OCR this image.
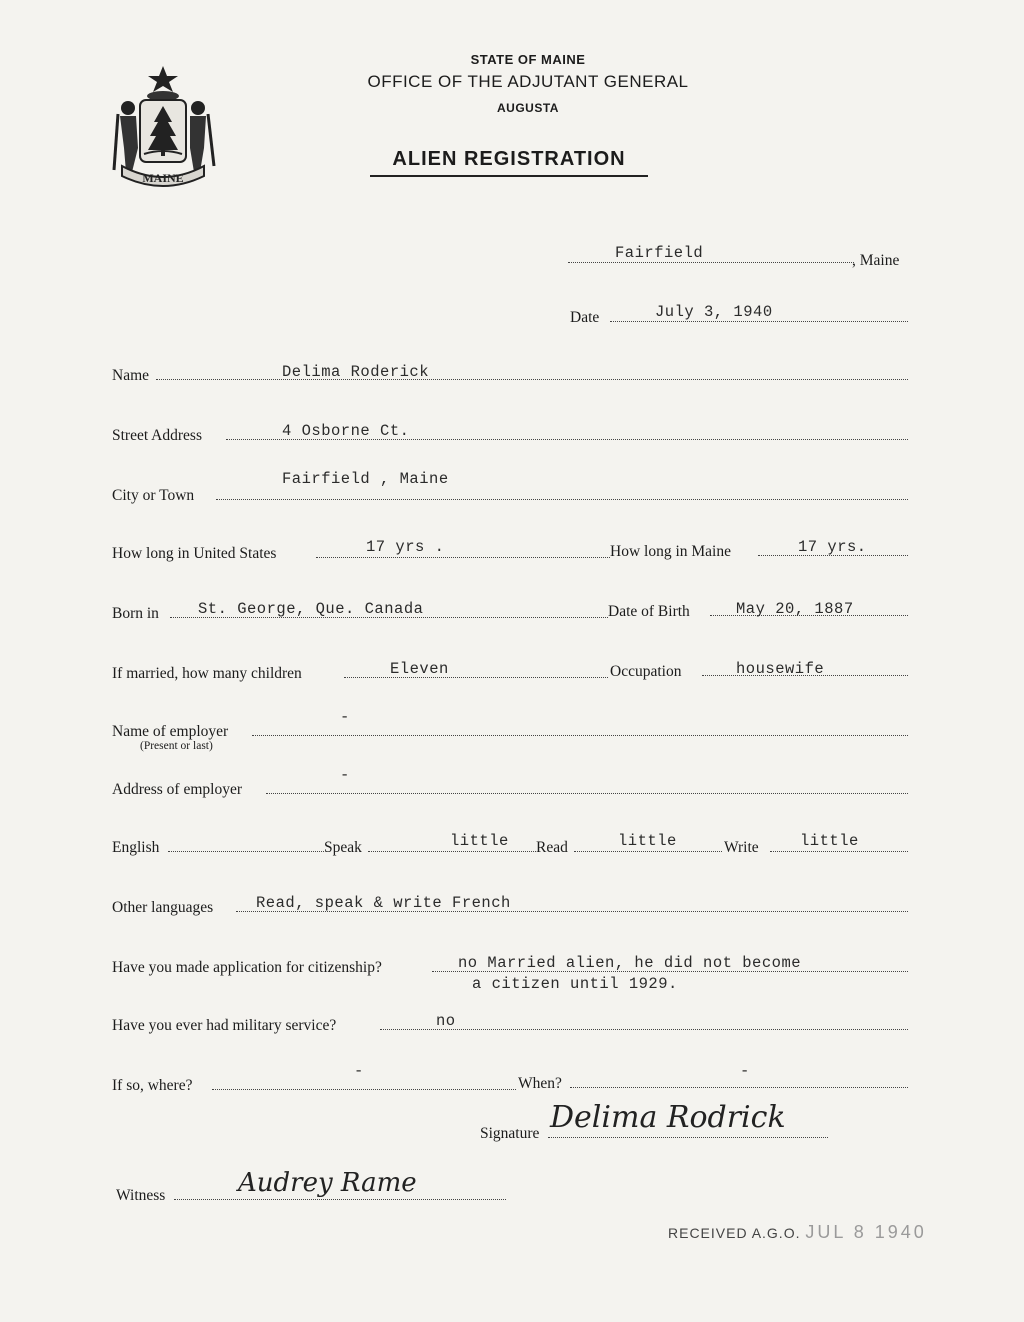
MAINE
STATE OF MAINE
OFFICE OF THE ADJUTANT GENERAL
AUGUSTA
ALIEN REGISTRATION
Fairfield	, Maine
Date	July 3, 1940
Name	Delima Roderick
Street Address	4 Osborne Ct.
City or Town
Fairfield , Maine
How long in United States	17 yrs .	How long in Maine	17 yrs.
Born in	St. George, Que. Canada	Date of Birth	May 20, 1887
If married, how many children	Eleven	Occupation	housewife
Name of employer
(Present or last)
-
Address of employer
-
English	Speak	little Read	little	Write	little
Other languages	Read, speak & write French
Have you made application for citizenship?	no Married alien, he did not become
a citizen until 1929.
Have you ever had military service?	no
If so, where?
-
When?
-
Signature Delima Rodrick
Witness	Audrey Rame
RECEIVED A.G.O. JUL 8 1940
